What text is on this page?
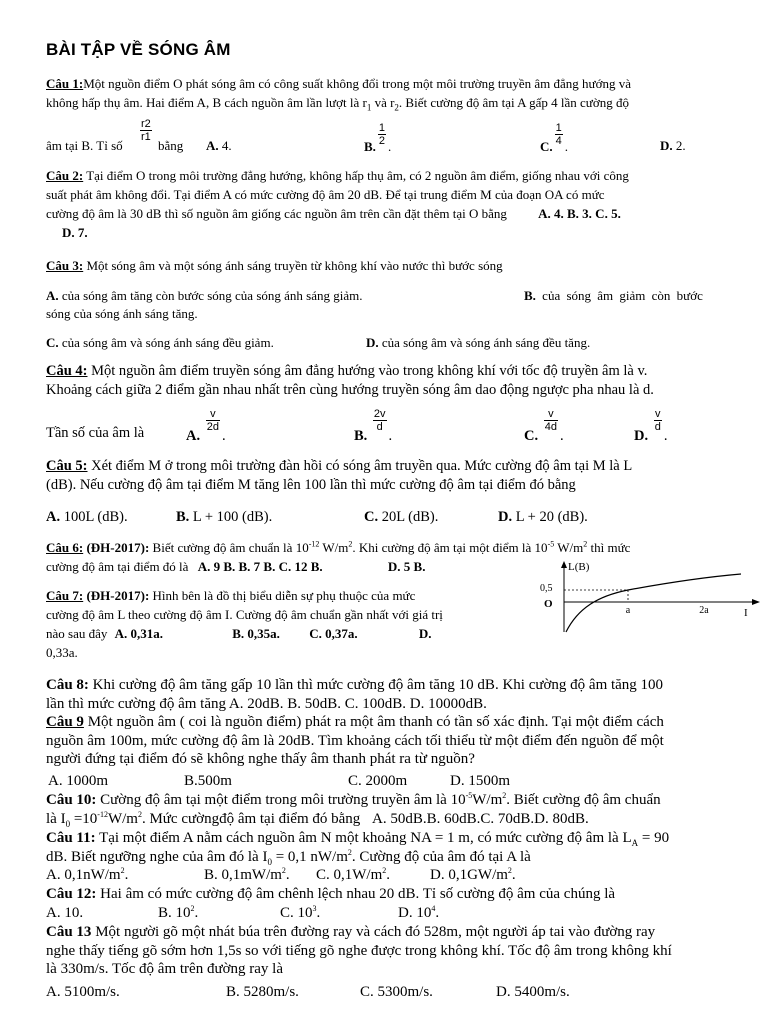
BÀI TẬP VỀ SÓNG ÂM
Câu 1:Một nguồn điểm O phát sóng âm có công suất không đổi trong một môi trường truyền âm đẳng hướng và
không hấp thụ âm. Hai điểm A, B cách nguồn âm lần lượt là $r_1$ và $r_2$. Biết cường độ âm tại A gấp 4 lần cường độ
âm tại B. Tỉ số
$\frac{r2}{r1}$
bằng A. 4.	B. $\frac{1}{2}$ .	C. $\frac{1}{4}$ .	D. 2.
Câu 2: Tại điểm O trong môi trường đẳng hướng, không hấp thụ âm, có 2 nguồn âm điểm, giống nhau với công
suất phát âm không đổi. Tại điểm A có mức cường độ âm 20 dB. Để tại trung điểm M của đoạn OA có mức
cường độ âm là 30 dB thì số nguồn âm giống các nguồn âm trên cần đặt thêm tại O bằng A. 4. B. 3. C. 5.
D. 7.
Câu 3: Một sóng âm và một sóng ánh sáng truyền từ không khí vào nước thì bước sóng
A. của sóng âm tăng còn bước sóng của sóng ánh sáng giảm.	B. của sóng âm giảm còn bước
sóng của sóng ánh sáng tăng.
C. của sóng âm và sóng ánh sáng đều giảm.	D. của sóng âm và sóng ánh sáng đều tăng.
Câu 4: Một nguồn âm điểm truyền sóng âm đẳng hướng vào trong không khí với tốc độ truyền âm là v.
Khoảng cách giữa 2 điểm gần nhau nhất trên cùng hướng truyền sóng âm dao động ngược pha nhau là d.
Tần số của âm là	A.
$\frac{v}{2d}$
.	B.
$\frac{2v}{d}$
.	C.
$\frac{v}{4d}$
.	D.
$\frac{v}{d}$
.
Câu 5: Xét điểm M ở trong môi trường đàn hồi có sóng âm truyền qua. Mức cường độ âm tại M là L
(dB). Nếu cường độ âm tại điểm M tăng lên 100 lần thì mức cường độ âm tại điểm đó bằng
A. 100L (dB).	B. L + 100 (dB).	C. 20L (dB).	D. L + 20 (dB).
Câu 6: (ĐH-2017): Biết cường độ âm chuẩn là $10^{-12}$ $W/m^2$. Khi cường độ âm tại một điểm là $10^{-5}$ $W/m^2$ thì mức
cường độ âm tại điểm đó là A. 9 B. B. 7 B. C. 12 B.	D. 5 B.
Câu 7: (ĐH-2017): Hình bên là đồ thị biểu diễn sự phụ thuộc của mức
cường độ âm L theo cường độ âm I. Cường độ âm chuẩn gần nhất với giá trị
nào sau đây A. 0,31a.	B. 0,35a. C. 0,37a.	D.
0,33a.
L(B)
0,5
O
a	2a	I
Câu 8: Khi cường độ âm tăng gấp 10 lần thì mức cường độ âm tăng 10 dB. Khi cường độ âm tăng 100
lần thì mức cường độ âm tăng A. 20dB. B. 50dB. C. 100dB. D. 10000dB.
Câu 9 Một nguồn âm ( coi là nguồn điểm) phát ra một âm thanh có tần số xác định. Tại một điểm cách
nguồn âm 100m, mức cường độ âm là 20dB. Tìm khoảng cách tối thiểu từ một điểm đến nguồn để một
người đứng tại điểm đó sẽ không nghe thấy âm thanh phát ra từ nguồn?
A. 1000m	B.500m	C. 2000m	D. 1500m
Câu 10: Cường độ âm tại một điểm trong môi trường truyền âm là $10^{-5}W/m^2$. Biết cường độ âm chuẩn
là $I_0 =10^{-12}W/m^2$. Mức cườngđộ âm tại điểm đó bằng A. 50dB.B. 60dB.C. 70dB.D. 80dB.
Câu 11: Tại một điểm A nằm cách nguồn âm N một khoảng NA = 1 m, có mức cường độ âm là $L_A = 90$
dB. Biết ngưỡng nghe của âm đó là $I_0 = 0,1$ $nW/m^2$. Cường độ của âm đó tại A là
A. $0,1nW/m^2$.	B. $0,1mW/m^2$. C. $0,1W/m^2$.	D. $0,1GW/m^2$.
Câu 12: Hai âm có mức cường độ âm chênh lệch nhau 20 dB. Tỉ số cường độ âm của chúng là
A. 10.	B. $10^2$.	C. $10^3$.	D. $10^4$.
Câu 13 Một người gõ một nhát búa trên đường ray và cách đó 528m, một người áp tai vào đường ray
nghe thấy tiếng gõ sớm hơn 1,5s so với tiếng gõ nghe được trong không khí. Tốc độ âm trong không khí
là 330m/s. Tốc độ âm trên đường ray là
A. 5100m/s.	B. 5280m/s.	C. 5300m/s.	D. 5400m/s.
